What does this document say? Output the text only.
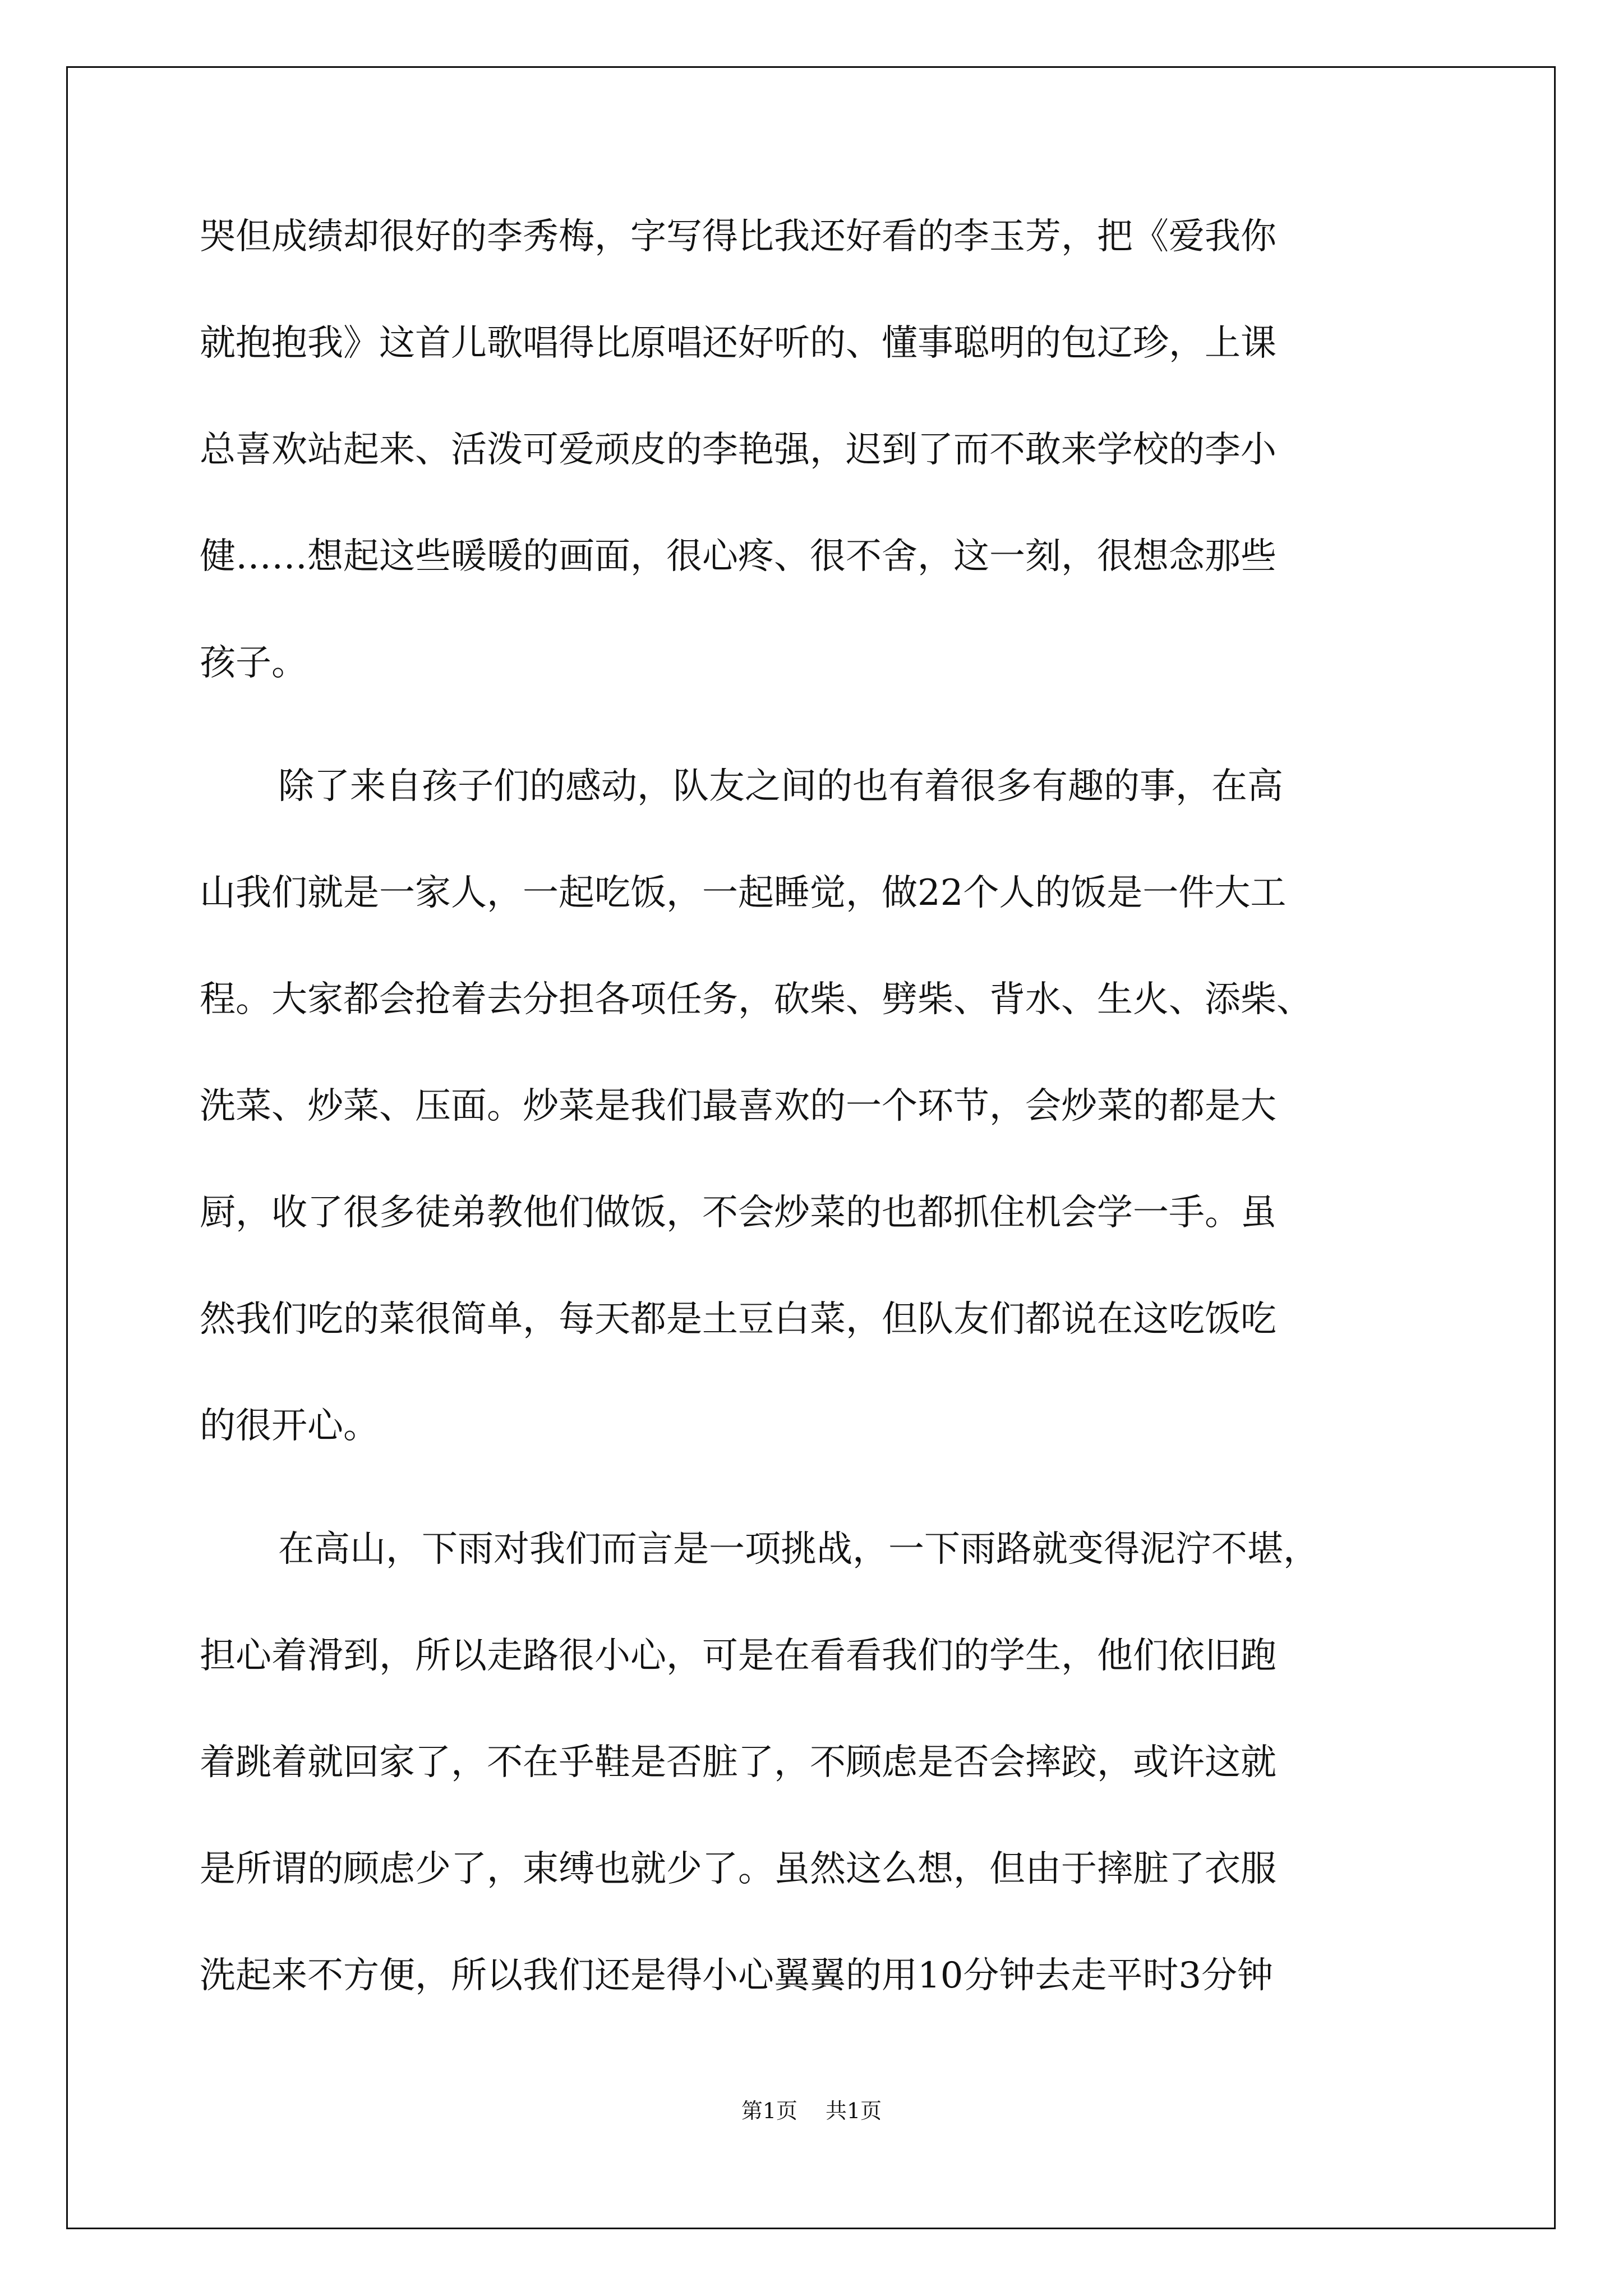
哭但成绩却很好的李秀梅，字写得比我还好看的李玉芳，把《爱我你
就抱抱我》这首儿歌唱得比原唱还好听的、懂事聪明的包辽珍，上课
总喜欢站起来、活泼可爱顽皮的李艳强，迟到了而不敢来学校的李小
健……想起这些暖暖的画面，很心疼、很不舍，这一刻，很想念那些
孩子。
除了来自孩子们的感动，队友之间的也有着很多有趣的事，在高
山我们就是一家人，一起吃饭，一起睡觉，做22个人的饭是一件大工
程。大家都会抢着去分担各项任务，砍柴、劈柴、背水、生火、添柴、
洗菜、炒菜、压面。炒菜是我们最喜欢的一个环节，会炒菜的都是大
厨，收了很多徒弟教他们做饭，不会炒菜的也都抓住机会学一手。虽
然我们吃的菜很简单，每天都是土豆白菜，但队友们都说在这吃饭吃
的很开心。
在高山，下雨对我们而言是一项挑战，一下雨路就变得泥泞不堪，
担心着滑到，所以走路很小心，可是在看看我们的学生，他们依旧跑
着跳着就回家了，不在乎鞋是否脏了，不顾虑是否会摔跤，或许这就
是所谓的顾虑少了，束缚也就少了。虽然这么想，但由于摔脏了衣服
洗起来不方便，所以我们还是得小心翼翼的用10分钟去走平时3分钟
第1页 共1页
